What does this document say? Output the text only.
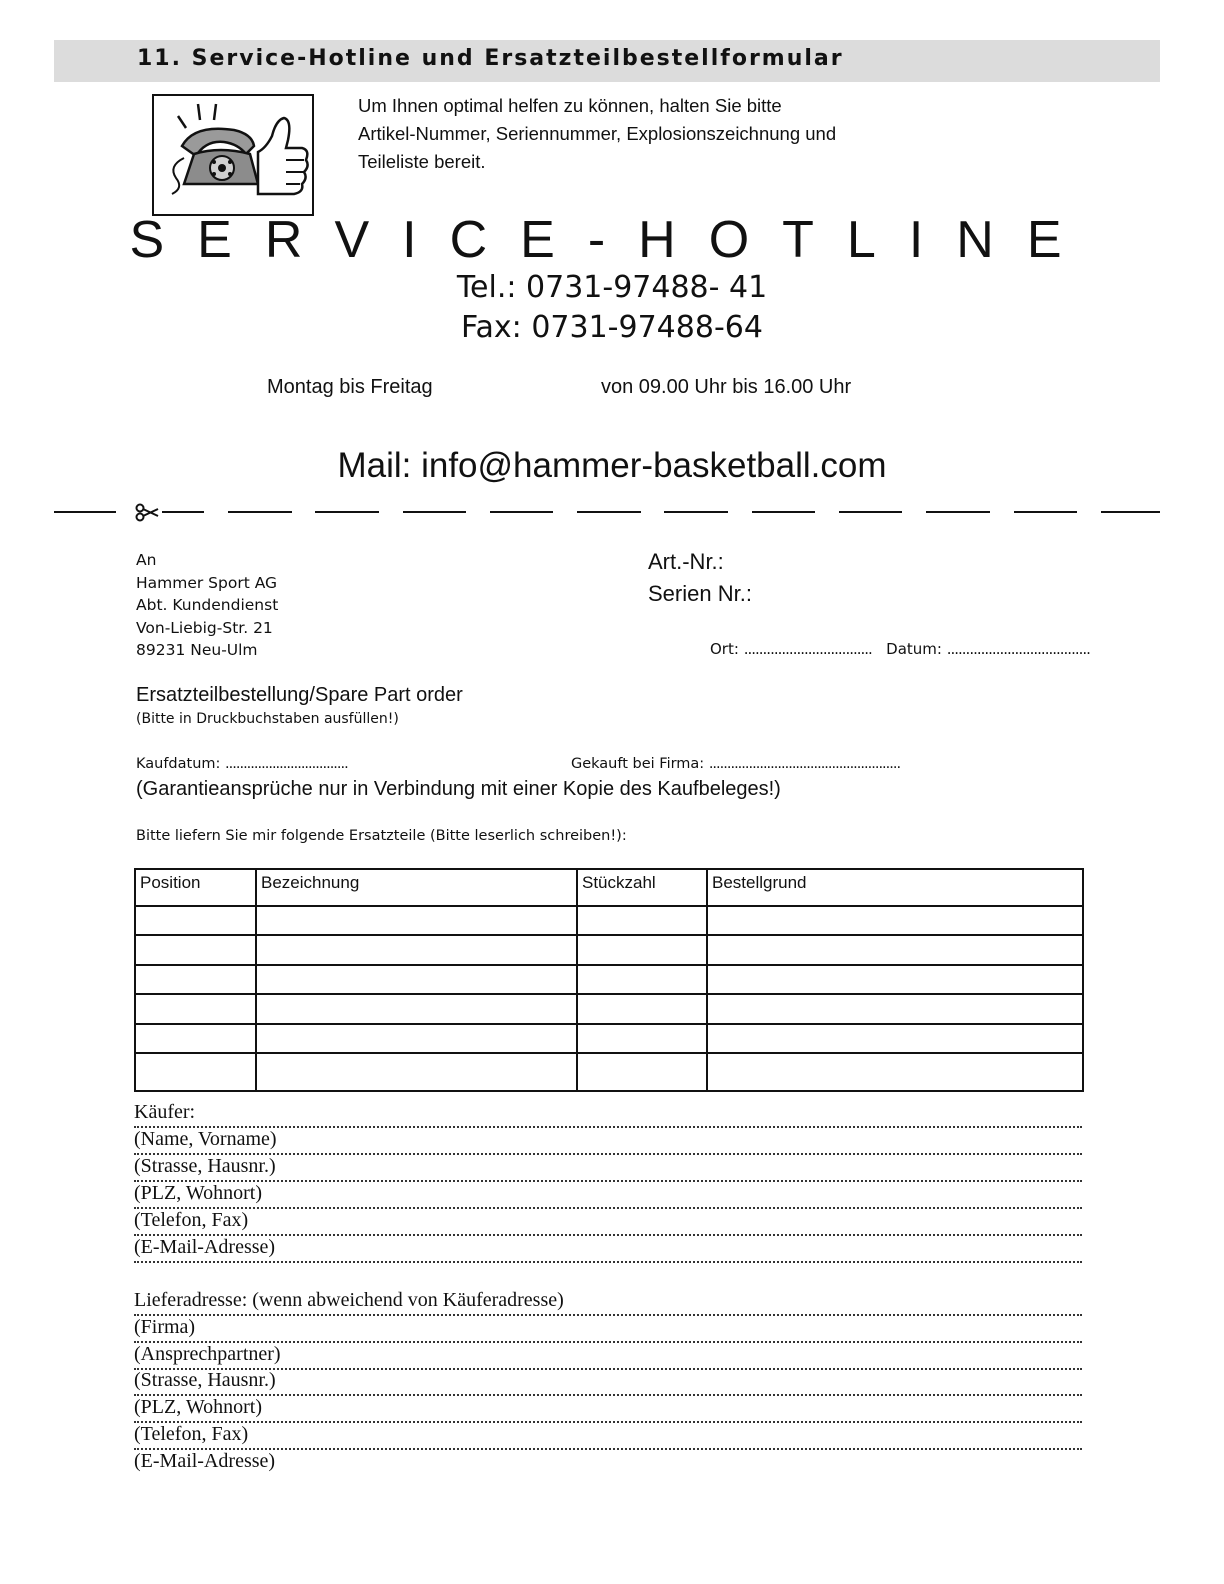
11. Service-Hotline und Ersatzteilbestellformular
Um Ihnen optimal helfen zu können, halten Sie bitte
Artikel-Nummer, Seriennummer, Explosionszeichnung und
Teileliste bereit.
SERVICE-HOTLINE
Tel.: 0731-97488- 41
Fax: 0731-97488-64
Montag bis Freitag	von 09.00 Uhr bis 16.00 Uhr
Mail: info@hammer-basketball.com
An
Hammer Sport AG
Abt. Kundendienst
Von-Liebig-Str. 21
89231 Neu-Ulm
Art.-Nr.:
Serien Nr.:
Ort: .................................. Datum: ......................................
Ersatzteilbestellung/Spare Part order
(Bitte in Druckbuchstaben ausfüllen!)
Kaufdatum: ..................................	Gekauft bei Firma: .....................................................
(Garantieansprüche nur in Verbindung mit einer Kopie des Kaufbeleges!)
Bitte liefern Sie mir folgende Ersatzteile (Bitte leserlich schreiben!):
Position	Bezeichnung	Stückzahl	Bestellgrund

Käufer:
(Name, Vorname)
(Strasse, Hausnr.)
(PLZ, Wohnort)
(Telefon, Fax)
(E-Mail-Adresse)
Lieferadresse: (wenn abweichend von Käuferadresse)
(Firma)
(Ansprechpartner)
(Strasse, Hausnr.)
(PLZ, Wohnort)
(Telefon, Fax)
(E-Mail-Adresse)
